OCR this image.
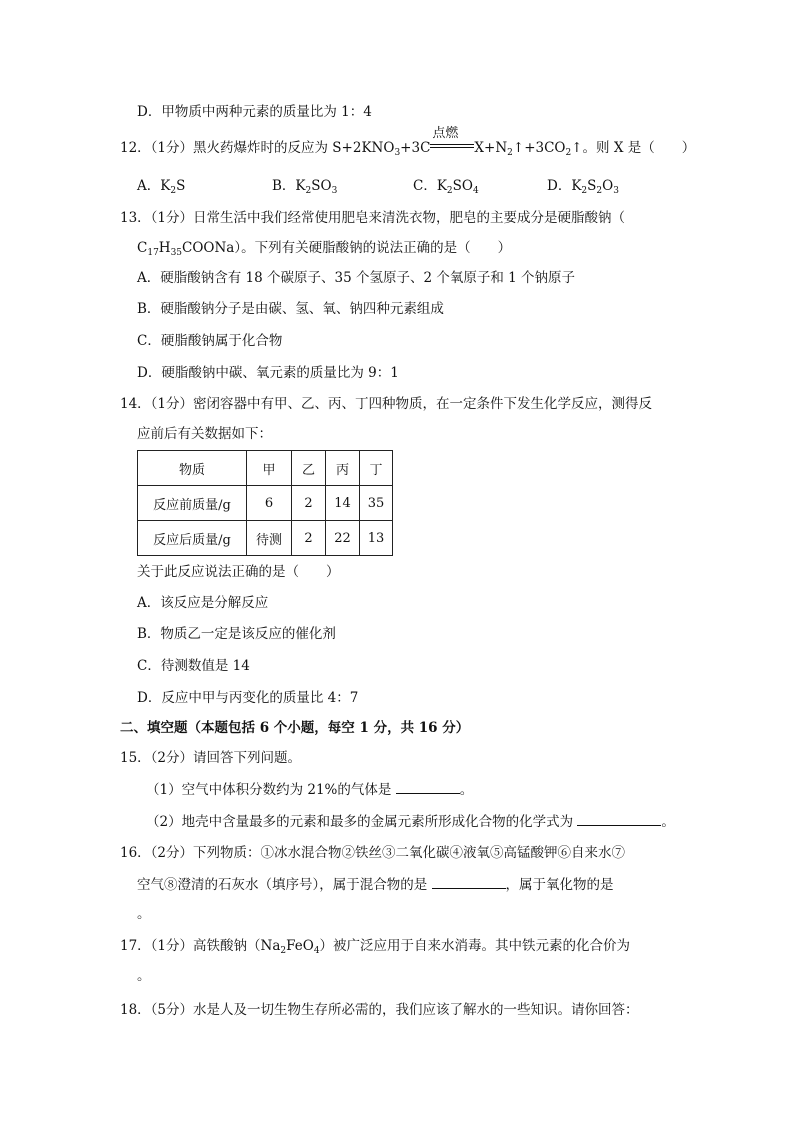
D．甲物质中两种元素的质量比为 1：4
12．（1分）黑火药爆炸时的反应为 $S+2KNO_3+3C$
点燃
$X+N_2↑+3CO_2↑$。则 X 是（　　）
A．$K_2S$	B．$K_2SO_3$	C．$K_2SO_4$	D．$K_2S_2O_3$
13．（1分）日常生活中我们经常使用肥皂来清洗衣物，肥皂的主要成分是硬脂酸钠（
$C_{17}H_{35}COONa$）。下列有关硬脂酸钠的说法正确的是（　　）
A．硬脂酸钠含有 18 个碳原子、35 个氢原子、2 个氧原子和 1 个钠原子
B．硬脂酸钠分子是由碳、氢、氧、钠四种元素组成
C．硬脂酸钠属于化合物
D．硬脂酸钠中碳、氧元素的质量比为 9：1
14．（1分）密闭容器中有甲、乙、丙、丁四种物质，在一定条件下发生化学反应，测得反
应前后有关数据如下：
物质	甲	乙	丙	丁
反应前质量/g	6	2	14	35
反应后质量/g	待测	2	22	13
关于此反应说法正确的是（　　）
A．该反应是分解反应
B．物质乙一定是该反应的催化剂
C．待测数值是 14
D．反应中甲与丙变化的质量比 4：7
二、填空题（本题包括 6 个小题，每空 1 分，共 16 分）
15．（2分）请回答下列问题。
（1）空气中体积分数约为 21%的气体是	。
（2）地壳中含量最多的元素和最多的金属元素所形成化合物的化学式为	。
16．（2分）下列物质：①冰水混合物②铁丝③二氧化碳④液氧⑤高锰酸钾⑥自来水⑦
空气⑧澄清的石灰水（填序号），属于混合物的是	，属于氧化物的是
。
17．（1分）高铁酸钠$(Na_2FeO_4)$被广泛应用于自来水消毒。其中铁元素的化合价为
。
18．（5分）水是人及一切生物生存所必需的，我们应该了解水的一些知识。请你回答：
